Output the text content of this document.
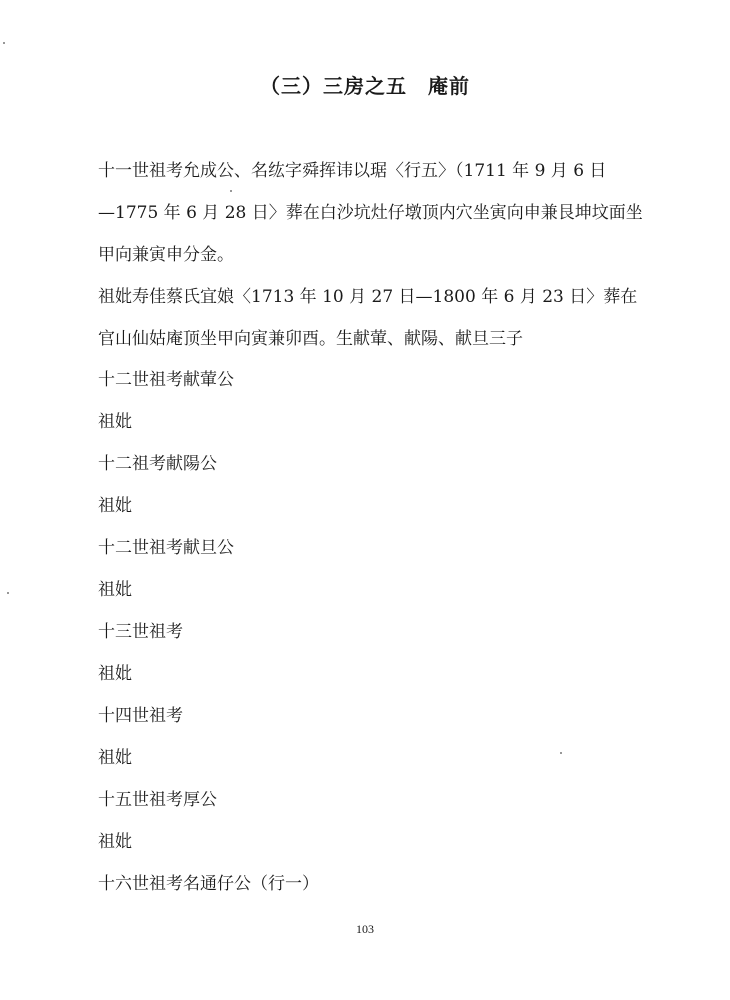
（三）三房之五　庵前
十一世祖考允成公、名纮字舜挥讳以琚〈行五〉（1711 年 9 月 6 日
—1775 年 6 月 28 日〉葬在白沙坑灶仔墩顶内穴坐寅向申兼艮坤坟面坐
甲向兼寅申分金。
祖妣寿佳蔡氏宜娘〈1713 年 10 月 27 日—1800 年 6 月 23 日〉葬在
官山仙姑庵顶坐甲向寅兼卯酉。生献葷、献陽、献旦三子
十二世祖考献葷公
祖妣
十二祖考献陽公
祖妣
十二世祖考献旦公
祖妣
十三世祖考
祖妣
十四世祖考
祖妣
十五世祖考厚公
祖妣
十六世祖考名通仔公（行一）
103
